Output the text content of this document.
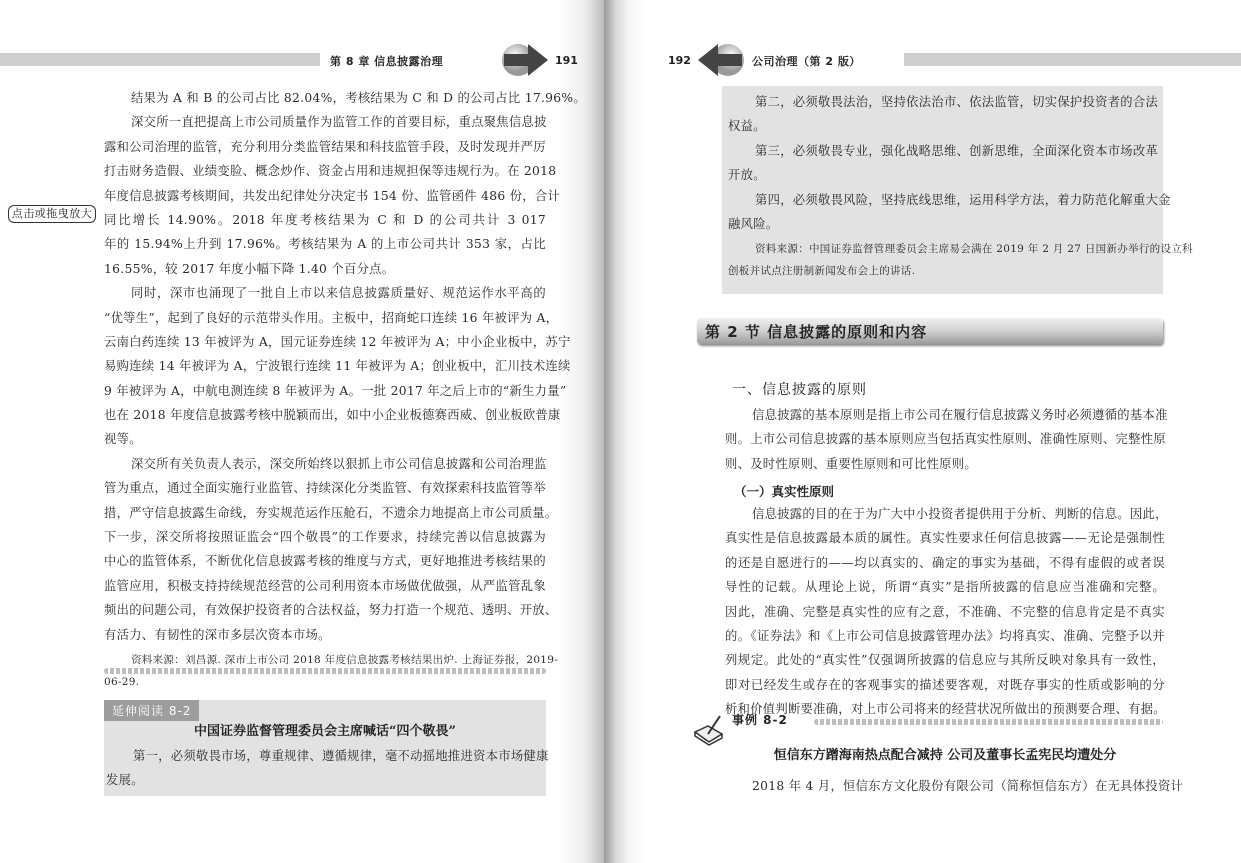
第 8 章 信息披露治理	191
结果为 A 和 B 的公司占比 82.04%，考核结果为 C 和 D 的公司占比 17.96%。
深交所一直把提高上市公司质量作为监管工作的首要目标，重点聚焦信息披
露和公司治理的监管，充分利用分类监管结果和科技监管手段，及时发现并严厉
打击财务造假、业绩变脸、概念炒作、资金占用和违规担保等违规行为。在 2018
年度信息披露考核期间，共发出纪律处分决定书 154 份、监管函件 486 份，合计
同比增长 14.90%。2018 年度考核结果为 C 和 D 的公司共计 3 017
年的 15.94%上升到 17.96%。考核结果为 A 的上市公司共计 353 家，占比
16.55%，较 2017 年度小幅下降 1.40 个百分点。
同时，深市也涌现了一批自上市以来信息披露质量好、规范运作水平高的
“优等生”，起到了良好的示范带头作用。主板中，招商蛇口连续 16 年被评为 A，
云南白药连续 13 年被评为 A，国元证券连续 12 年被评为 A；中小企业板中，苏宁
易购连续 14 年被评为 A，宁波银行连续 11 年被评为 A；创业板中，汇川技术连续
9 年被评为 A，中航电测连续 8 年被评为 A。一批 2017 年之后上市的“新生力量”
也在 2018 年度信息披露考核中脱颖而出，如中小企业板德赛西威、创业板欧普康
视等。
深交所有关负责人表示，深交所始终以狠抓上市公司信息披露和公司治理监
管为重点，通过全面实施行业监管、持续深化分类监管、有效探索科技监管等举
措，严守信息披露生命线，夯实规范运作压舱石，不遗余力地提高上市公司质量。
下一步，深交所将按照证监会“四个敬畏”的工作要求，持续完善以信息披露为
中心的监管体系，不断优化信息披露考核的维度与方式，更好地推进考核结果的
监管应用，积极支持持续规范经营的公司利用资本市场做优做强，从严监管乱象
频出的问题公司，有效保护投资者的合法权益，努力打造一个规范、透明、开放、
有活力、有韧性的深市多层次资本市场。
资料来源：刘昌源. 深市上市公司 2018 年度信息披露考核结果出炉. 上海证券报，2019-
06-29.
点击或拖曳放大
延伸阅读 8-2
中国证券监督管理委员会主席喊话“四个敬畏”
第一，必须敬畏市场，尊重规律、遵循规律，毫不动摇地推进资本市场健康
发展。
192	公司治理（第 2 版）
第二，必须敬畏法治，坚持依法治市、依法监管，切实保护投资者的合法
权益。
第三，必须敬畏专业，强化战略思维、创新思维，全面深化资本市场改革
开放。
第四，必须敬畏风险，坚持底线思维，运用科学方法，着力防范化解重大金
融风险。
资料来源：中国证券监督管理委员会主席易会满在 2019 年 2 月 27 日国新办举行的设立科
创板并试点注册制新闻发布会上的讲话.
第 2 节 信息披露的原则和内容
一、信息披露的原则
信息披露的基本原则是指上市公司在履行信息披露义务时必须遵循的基本准
则。上市公司信息披露的基本原则应当包括真实性原则、准确性原则、完整性原
则、及时性原则、重要性原则和可比性原则。
（一）真实性原则
信息披露的目的在于为广大中小投资者提供用于分析、判断的信息。因此，
真实性是信息披露最本质的属性。真实性要求任何信息披露——无论是强制性
的还是自愿进行的——均以真实的、确定的事实为基础，不得有虚假的或者误
导性的记载。从理论上说，所谓“真实”是指所披露的信息应当准确和完整。
因此，准确、完整是真实性的应有之意，不准确、不完整的信息肯定是不真实
的。《证券法》和《上市公司信息披露管理办法》均将真实、准确、完整予以并
列规定。此处的“真实性”仅强调所披露的信息应与其所反映对象具有一致性，
即对已经发生或存在的客观事实的描述要客观，对既存事实的性质或影响的分
析和价值判断要准确，对上市公司将来的经营状况所做出的预测要合理、有据。
事例 8-2
恒信东方蹭海南热点配合减持 公司及董事长孟宪民均遭处分
2018 年 4 月，恒信东方文化股份有限公司（简称恒信东方）在无具体投资计
